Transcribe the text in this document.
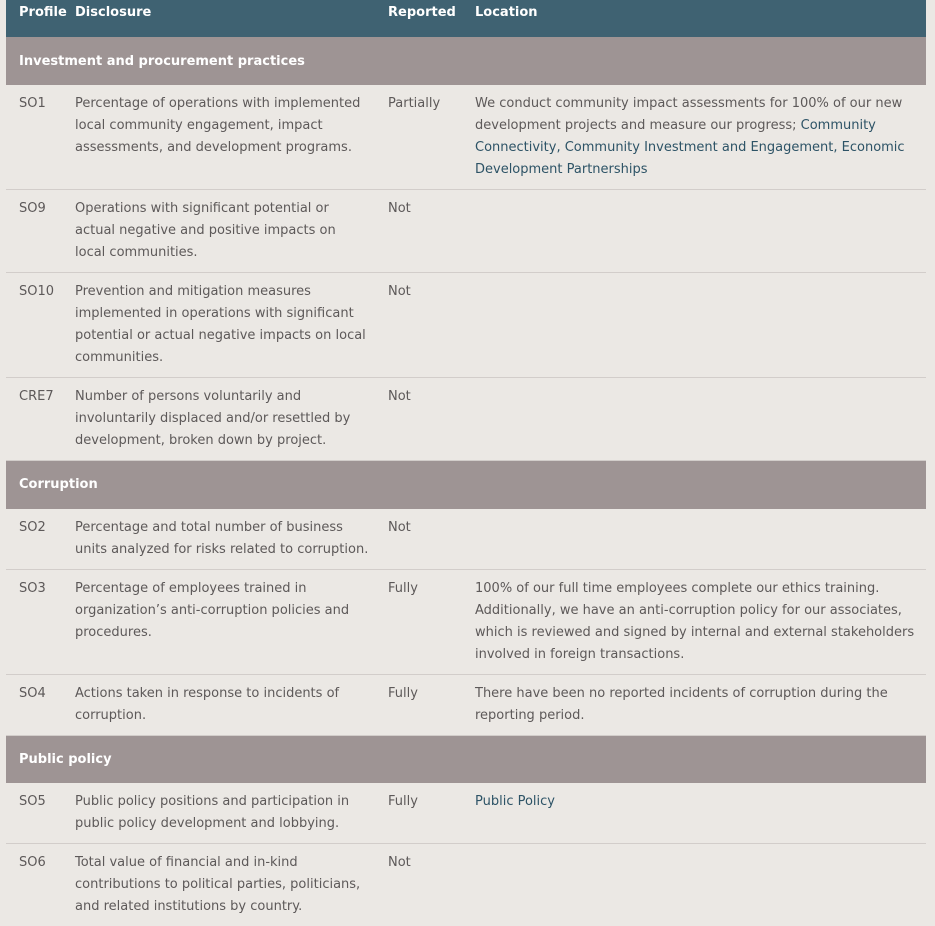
Profile	Disclosure	Reported	Location
Investment and procurement practices			
SO1	Percentage of operations with implemented local community engagement, impact assessments, and development programs.	Partially	We conduct community impact assessments for 100% of our new development projects and measure our progress; Community Connectivity, Community Investment and Engagement, Economic Development Partnerships
SO9	Operations with significant potential or actual negative and positive impacts on local communities.	Not	
SO10	Prevention and mitigation measures implemented in operations with significant potential or actual negative impacts on local communities.	Not	
CRE7	Number of persons voluntarily and involuntarily displaced and/or resettled by development, broken down by project.	Not	
Corruption			
SO2	Percentage and total number of business units analyzed for risks related to corruption.	Not	
SO3	Percentage of employees trained in organization’s anti-corruption policies and procedures.	Fully	100% of our full time employees complete our ethics training. Additionally, we have an anti-corruption policy for our associates, which is reviewed and signed by internal and external stakeholders involved in foreign transactions.
SO4	Actions taken in response to incidents of corruption.	Fully	There have been no reported incidents of corruption during the reporting period.
Public policy			
SO5	Public policy positions and participation in public policy development and lobbying.	Fully	Public Policy
SO6	Total value of financial and in-kind contributions to political parties, politicians, and related institutions by country.	Not	
